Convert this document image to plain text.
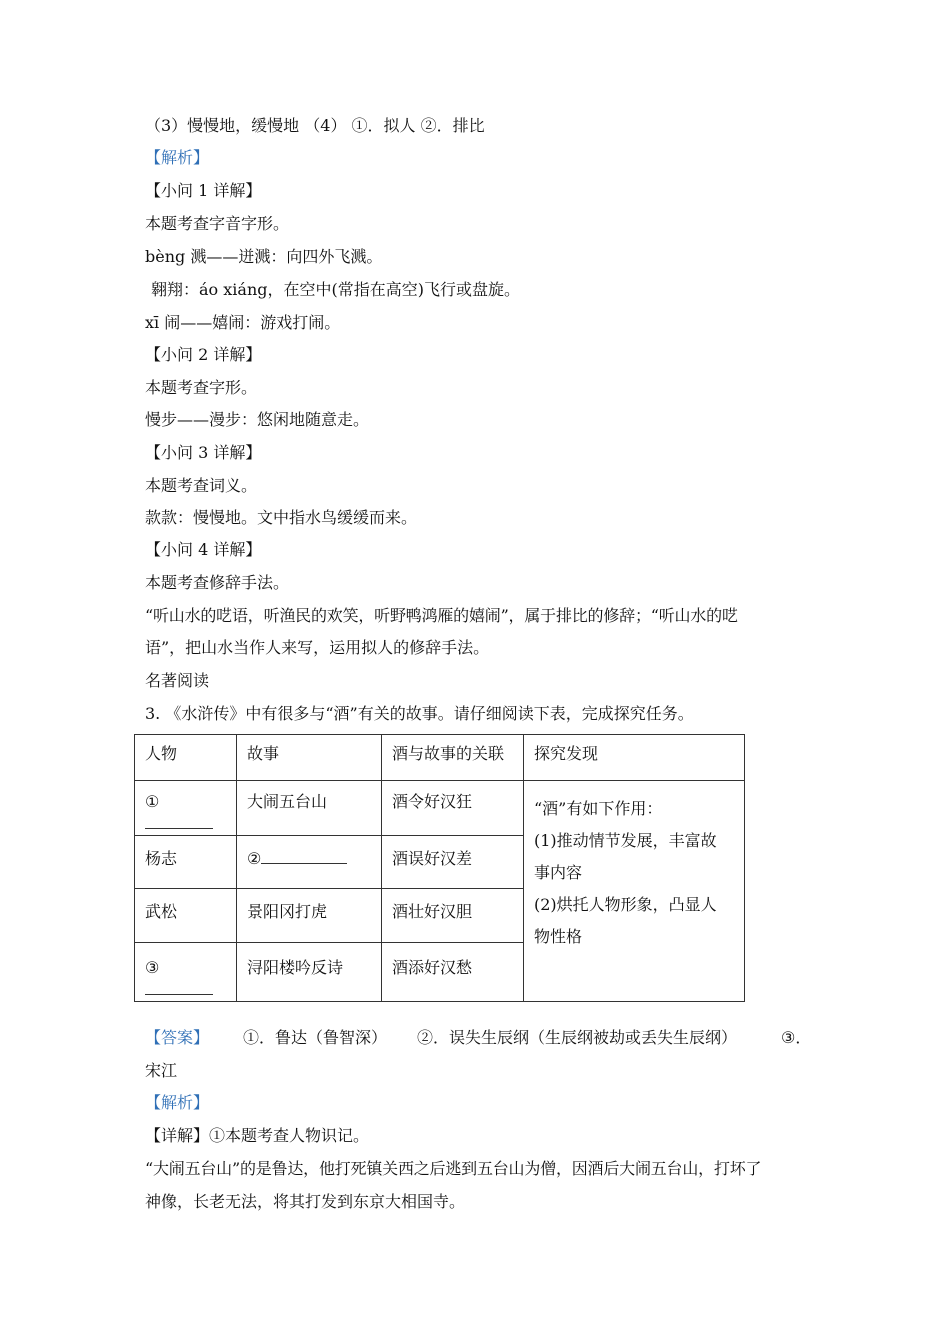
（3）慢慢地，缓慢地 （4） ①．拟人 ②．排比
【解析】
【小问 1 详解】
本题考查字音字形。
bèng 溅——迸溅：向四外飞溅。
翱翔：áo xiáng，在空中(常指在高空)飞行或盘旋。
xī 闹——嬉闹：游戏打闹。
【小问 2 详解】
本题考查字形。
慢步——漫步：悠闲地随意走。
【小问 3 详解】
本题考查词义。
款款：慢慢地。文中指水鸟缓缓而来。
【小问 4 详解】
本题考查修辞手法。
“听山水的呓语，听渔民的欢笑，听野鸭鸿雁的嬉闹”，属于排比的修辞；“听山水的呓
语”，把山水当作人来写，运用拟人的修辞手法。
名著阅读
3. 《水浒传》中有很多与“酒”有关的故事。请仔细阅读下表，完成探究任务。
人物	故事	酒与故事的关联	探究发现
①	大闹五台山	酒令好汉狂	“酒”有如下作用：
(1)推动情节发展，丰富故
事内容
(2)烘托人物形象，凸显人
物性格

杨志	②	酒误好汉差	
武松	景阳冈打虎	酒壮好汉胆	
③	浔阳楼吟反诗	酒添好汉愁	
【答案】 ①．鲁达（鲁智深） ②．误失生辰纲（生辰纲被劫或丢失生辰纲）	③．
宋江
【解析】
【详解】①本题考查人物识记。
“大闹五台山”的是鲁达，他打死镇关西之后逃到五台山为僧，因酒后大闹五台山，打坏了
神像，长老无法，将其打发到东京大相国寺。
